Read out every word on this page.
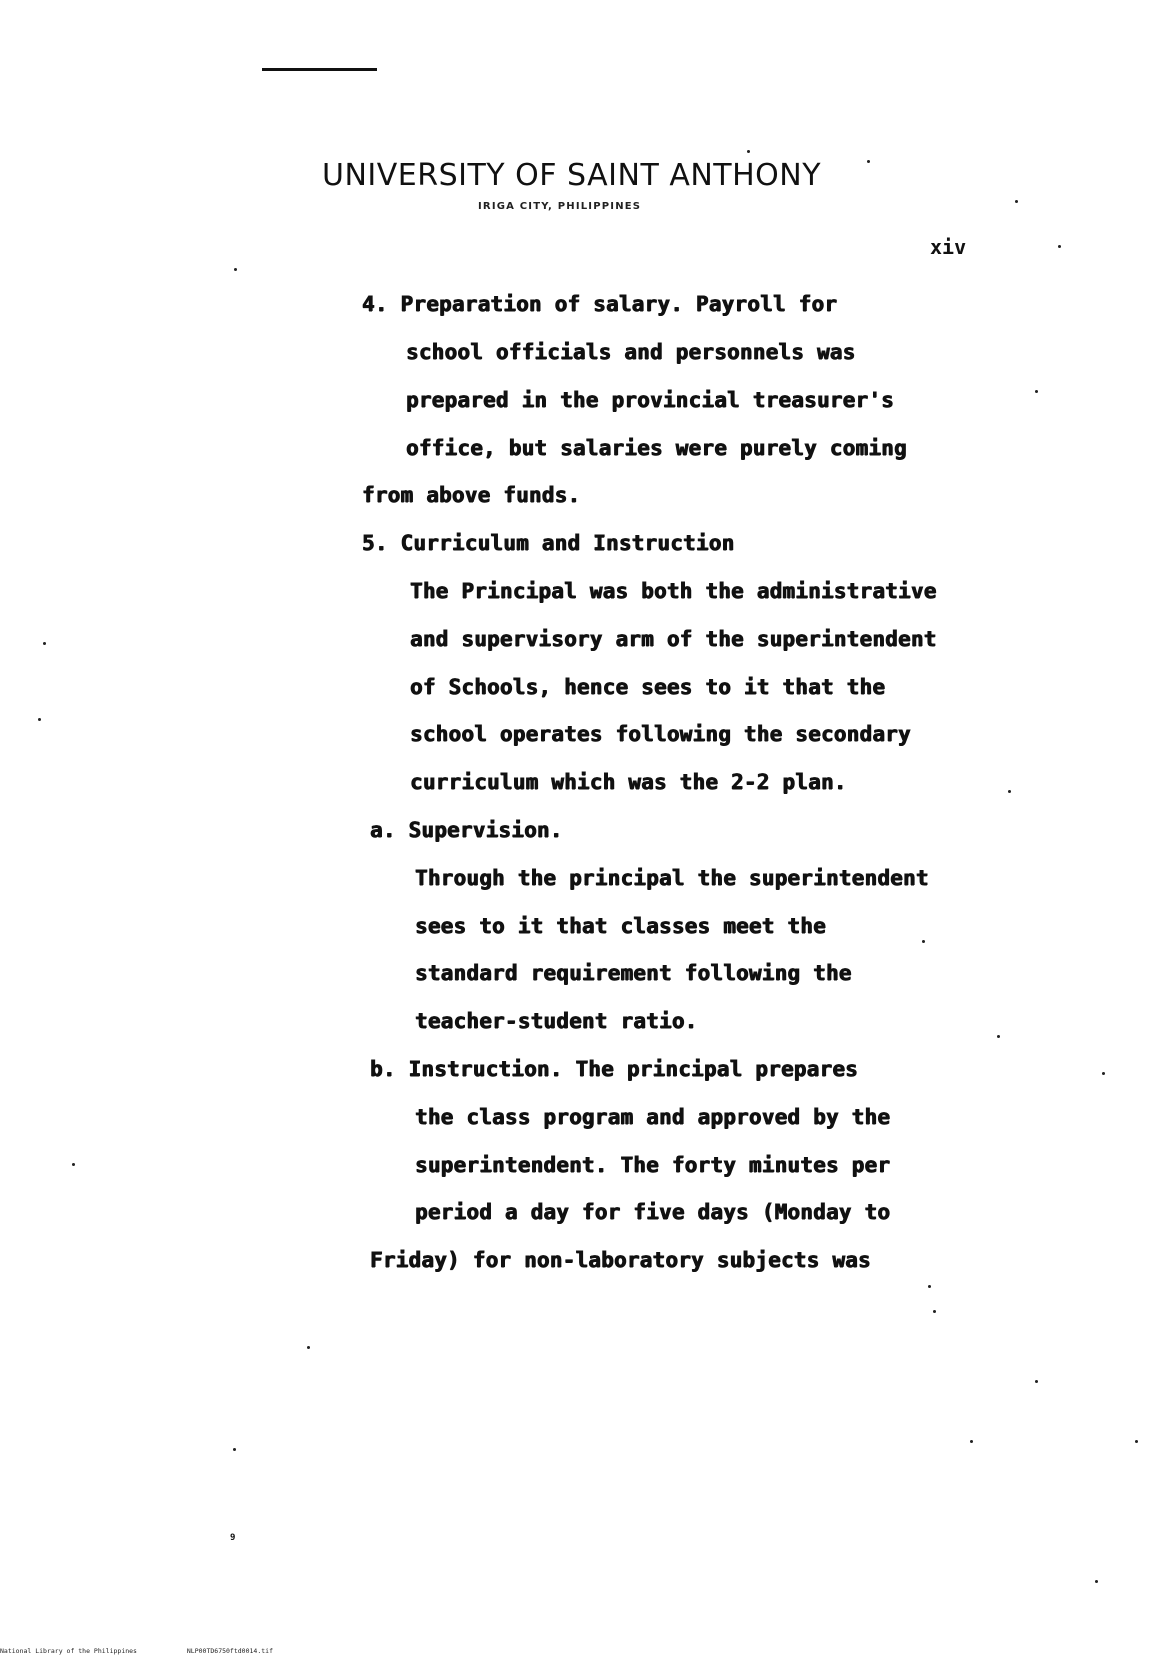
UNIVERSITY OF SAINT ANTHONY
IRIGA CITY, PHILIPPINES
xiv
4. Preparation of salary. Payroll for
school officials and personnels was
prepared in the provincial treasurer's
office, but salaries were purely coming
from above funds.
5. Curriculum and Instruction
The Principal was both the administrative
and supervisory arm of the superintendent
of Schools, hence sees to it that the
school operates following the secondary
curriculum which was the 2-2 plan.
a. Supervision.
Through the principal the superintendent
sees to it that classes meet the
standard requirement following the
teacher-student ratio.
b. Instruction. The principal prepares
the class program and approved by the
superintendent. The forty minutes per
period a day for five days (Monday to
Friday) for non-laboratory subjects was
9
National Library of the Philippines	NLP00TD6750ftd0014.tif
